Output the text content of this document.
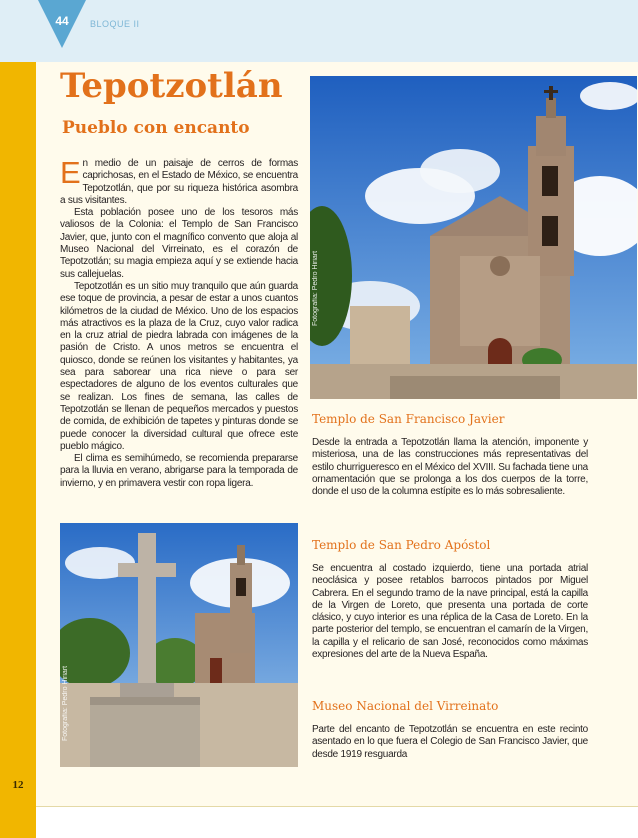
44	BLOQUE II
12
Tepotzotlán
Pueblo con encanto

En medio de un paisaje de cerros de formas caprichosas, en el Estado de México, se encuentra Tepotzotlán, que por su riqueza histórica asombra a sus visitantes.

Esta población posee uno de los tesoros más valiosos de la Colonia: el Templo de San Francisco Javier, que, junto con el magnífico convento que aloja al Museo Nacional del Virreinato, es el corazón de Tepotzotlán; su magia empieza aquí y se extiende hacia sus callejuelas.

Tepotzotlán es un sitio muy tranquilo que aún guarda ese toque de provincia, a pesar de estar a unos cuantos kilómetros de la ciudad de México. Uno de los espacios más atractivos es la plaza de la Cruz, cuyo valor radica en la cruz atrial de piedra labrada con imágenes de la pasión de Cristo. A unos metros se encuentra el quiosco, donde se reúnen los visitantes y habitantes, ya sea para saborear una rica nieve o para ser espectadores de alguno de los eventos culturales que se realizan. Los fines de semana, las calles de Tepotzotlán se llenan de pequeños mercados y puestos de comida, de exhibición de tapetes y pinturas donde se puede conocer la diversidad cultural que ofrece este pueblo mágico.

El clima es semihúmedo, se recomienda prepararse para la lluvia en verano, abrigarse para la temporada de invierno, y en primavera vestir con ropa ligera.

Fotografía: Pedro Hiriart
Fotografía: Pedro Hiriart
Templo de San Francisco Javier

Desde la entrada a Tepotzotlán llama la atención, imponente y misteriosa, una de las construcciones más representativas del estilo churrigueresco en el México del XVIII. Su fachada tiene una ornamentación que se prolonga a los dos cuerpos de la torre, donde el uso de la columna estípite es lo más sobresaliente.

Templo de San Pedro Apóstol

Se encuentra al costado izquierdo, tiene una portada atrial neoclásica y posee retablos barrocos pintados por Miguel Cabrera. En el segundo tramo de la nave principal, está la capilla de la Virgen de Loreto, que presenta una portada de corte clásico, y cuyo interior es una réplica de la Casa de Loreto. En la parte posterior del templo, se encuentran el camarín de la Virgen, la capilla y el relicario de san José, reconocidos como máximas expresiones del arte de la Nueva España.

Museo Nacional del Virreinato

Parte del encanto de Tepotzotlán se encuentra en este recinto asentado en lo que fuera el Colegio de San Francisco Javier, que desde 1919 resguarda
